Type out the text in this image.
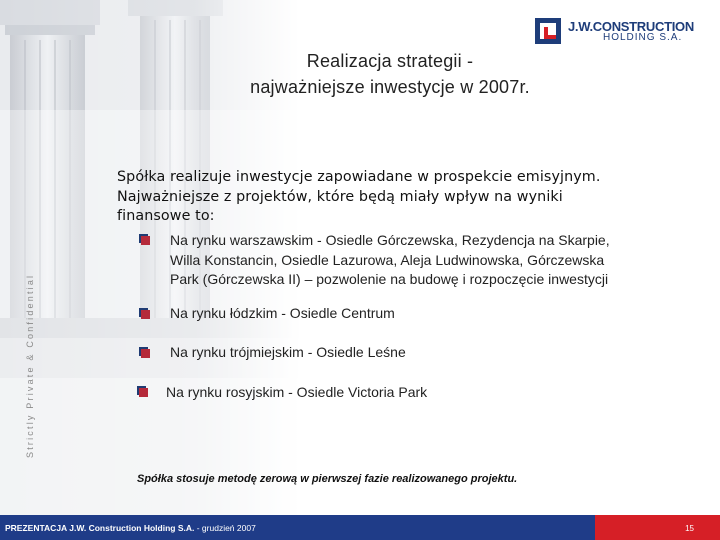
J.W.CONSTRUCTION
HOLDING S.A.
Realizacja strategii -
najważniejsze inwestycje w 2007r.
Strictly Private & Confidential
Spółka realizuje inwestycje zapowiadane w prospekcie emisyjnym.
Najważniejsze z projektów, które będą miały wpływ na wyniki
finansowe to:
Na rynku warszawskim - Osiedle Górczewska, Rezydencja na Skarpie,
Willa Konstancin, Osiedle Lazurowa, Aleja Ludwinowska, Górczewska
Park (Górczewska II) – pozwolenie na budowę i rozpoczęcie inwestycji
Na rynku łódzkim - Osiedle Centrum
Na rynku trójmiejskim - Osiedle Leśne
Na rynku rosyjskim - Osiedle Victoria Park
Spółka stosuje metodę zerową w pierwszej fazie realizowanego projektu.
PREZENTACJA J.W. Construction Holding S.A. - grudzień 2007	15
